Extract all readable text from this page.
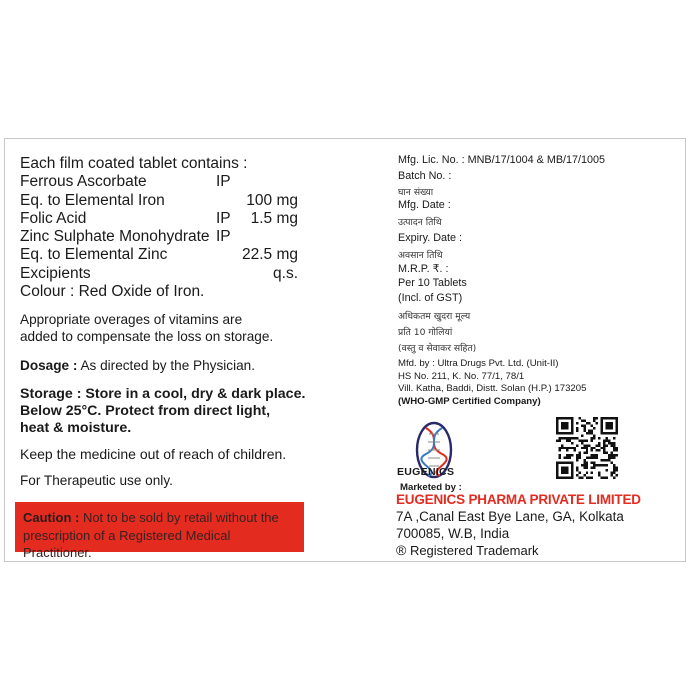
Each film coated tablet contains :
Ferrous Ascorbate	IP
Eq. to Elemental Iron	100 mg
Folic Acid	IP 1.5 mg
Zinc Sulphate Monohydrate IP
Eq. to Elemental Zinc	22.5 mg
Excipients	q.s.
Colour : Red Oxide of Iron.
Appropriate overages of vitamins are
added to compensate the loss on storage.
Dosage : As directed by the Physician.
Storage : Store in a cool, dry & dark place.
Below 25°C. Protect from direct light,
heat & moisture.
Keep the medicine out of reach of children.
For Therapeutic use only.
Caution : Not to be sold by retail without the
prescription of a Registered Medical Practitioner.
Mfg. Lic. No. : MNB/17/1004 & MB/17/1005
Batch No. :
घान संख्या
Mfg. Date :
उत्पादन तिथि
Expiry. Date :
अवसान तिथि
M.R.P. ₹. :
Per 10 Tablets
(Incl. of GST)
अधिकतम खुदरा मूल्य
प्रति 10 गोलियां
(वस्तु व सेवाकर सहित)
Mfd. by : Ultra Drugs Pvt. Ltd. (Unit-II)
HS No. 211, K. No. 77/1, 78/1
Vill. Katha, Baddi, Distt. Solan (H.P.) 173205
(WHO-GMP Certified Company)
EUGENICS
Marketed by :
EUGENICS PHARMA PRIVATE LIMITED
7A ,Canal East Bye Lane, GA, Kolkata
700085, W.B, India
® Registered Trademark
